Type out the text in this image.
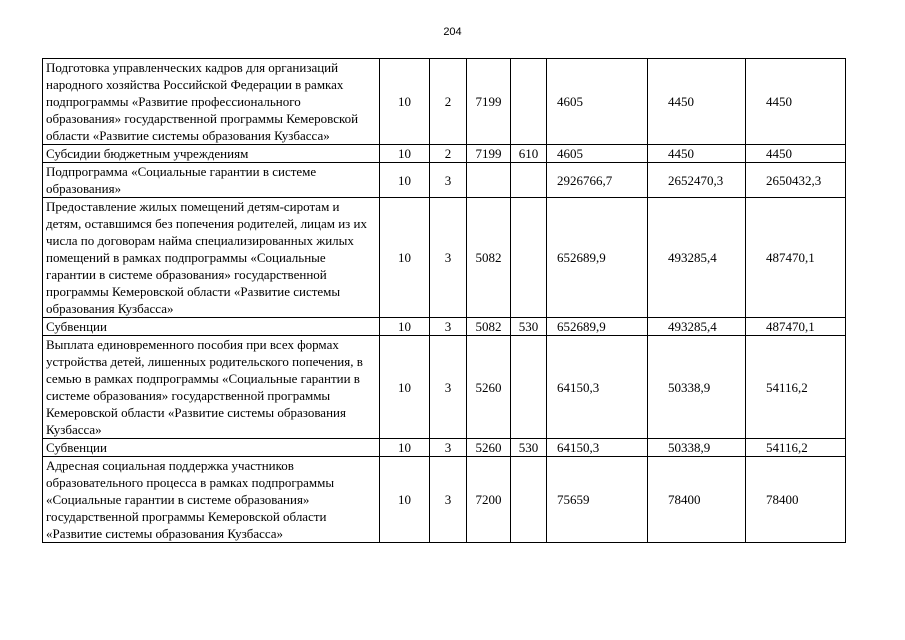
204
Подготовка управленческих кадров для организаций народного хозяйства Российской Федерации в рамках подпрограммы «Развитие профессионального образования» государственной программы Кемеровской области «Развитие системы образования Кузбасса»	10	2	7199		4605	4450	4450
Субсидии бюджетным учреждениям	10	2	7199	610	4605	4450	4450
Подпрограмма «Социальные гарантии в системе образования»	10	3			2926766,7	2652470,3	2650432,3
Предоставление жилых помещений детям-сиротам и детям, оставшимся без попечения родителей, лицам из их числа по договорам найма специализированных жилых помещений в рамках подпрограммы «Социальные гарантии в системе образования» государственной программы Кемеровской области «Развитие системы образования Кузбасса»	10	3	5082		652689,9	493285,4	487470,1
Субвенции	10	3	5082	530	652689,9	493285,4	487470,1
Выплата единовременного пособия при всех формах устройства детей, лишенных родительского попечения, в семью в рамках подпрограммы «Социальные гарантии в системе образования» государственной программы Кемеровской области «Развитие системы образования Кузбасса»	10	3	5260		64150,3	50338,9	54116,2
Субвенции	10	3	5260	530	64150,3	50338,9	54116,2
Адресная социальная поддержка участников образовательного процесса в рамках подпрограммы «Социальные гарантии в системе образования» государственной программы Кемеровской области «Развитие системы образования Кузбасса»	10	3	7200		75659	78400	78400
